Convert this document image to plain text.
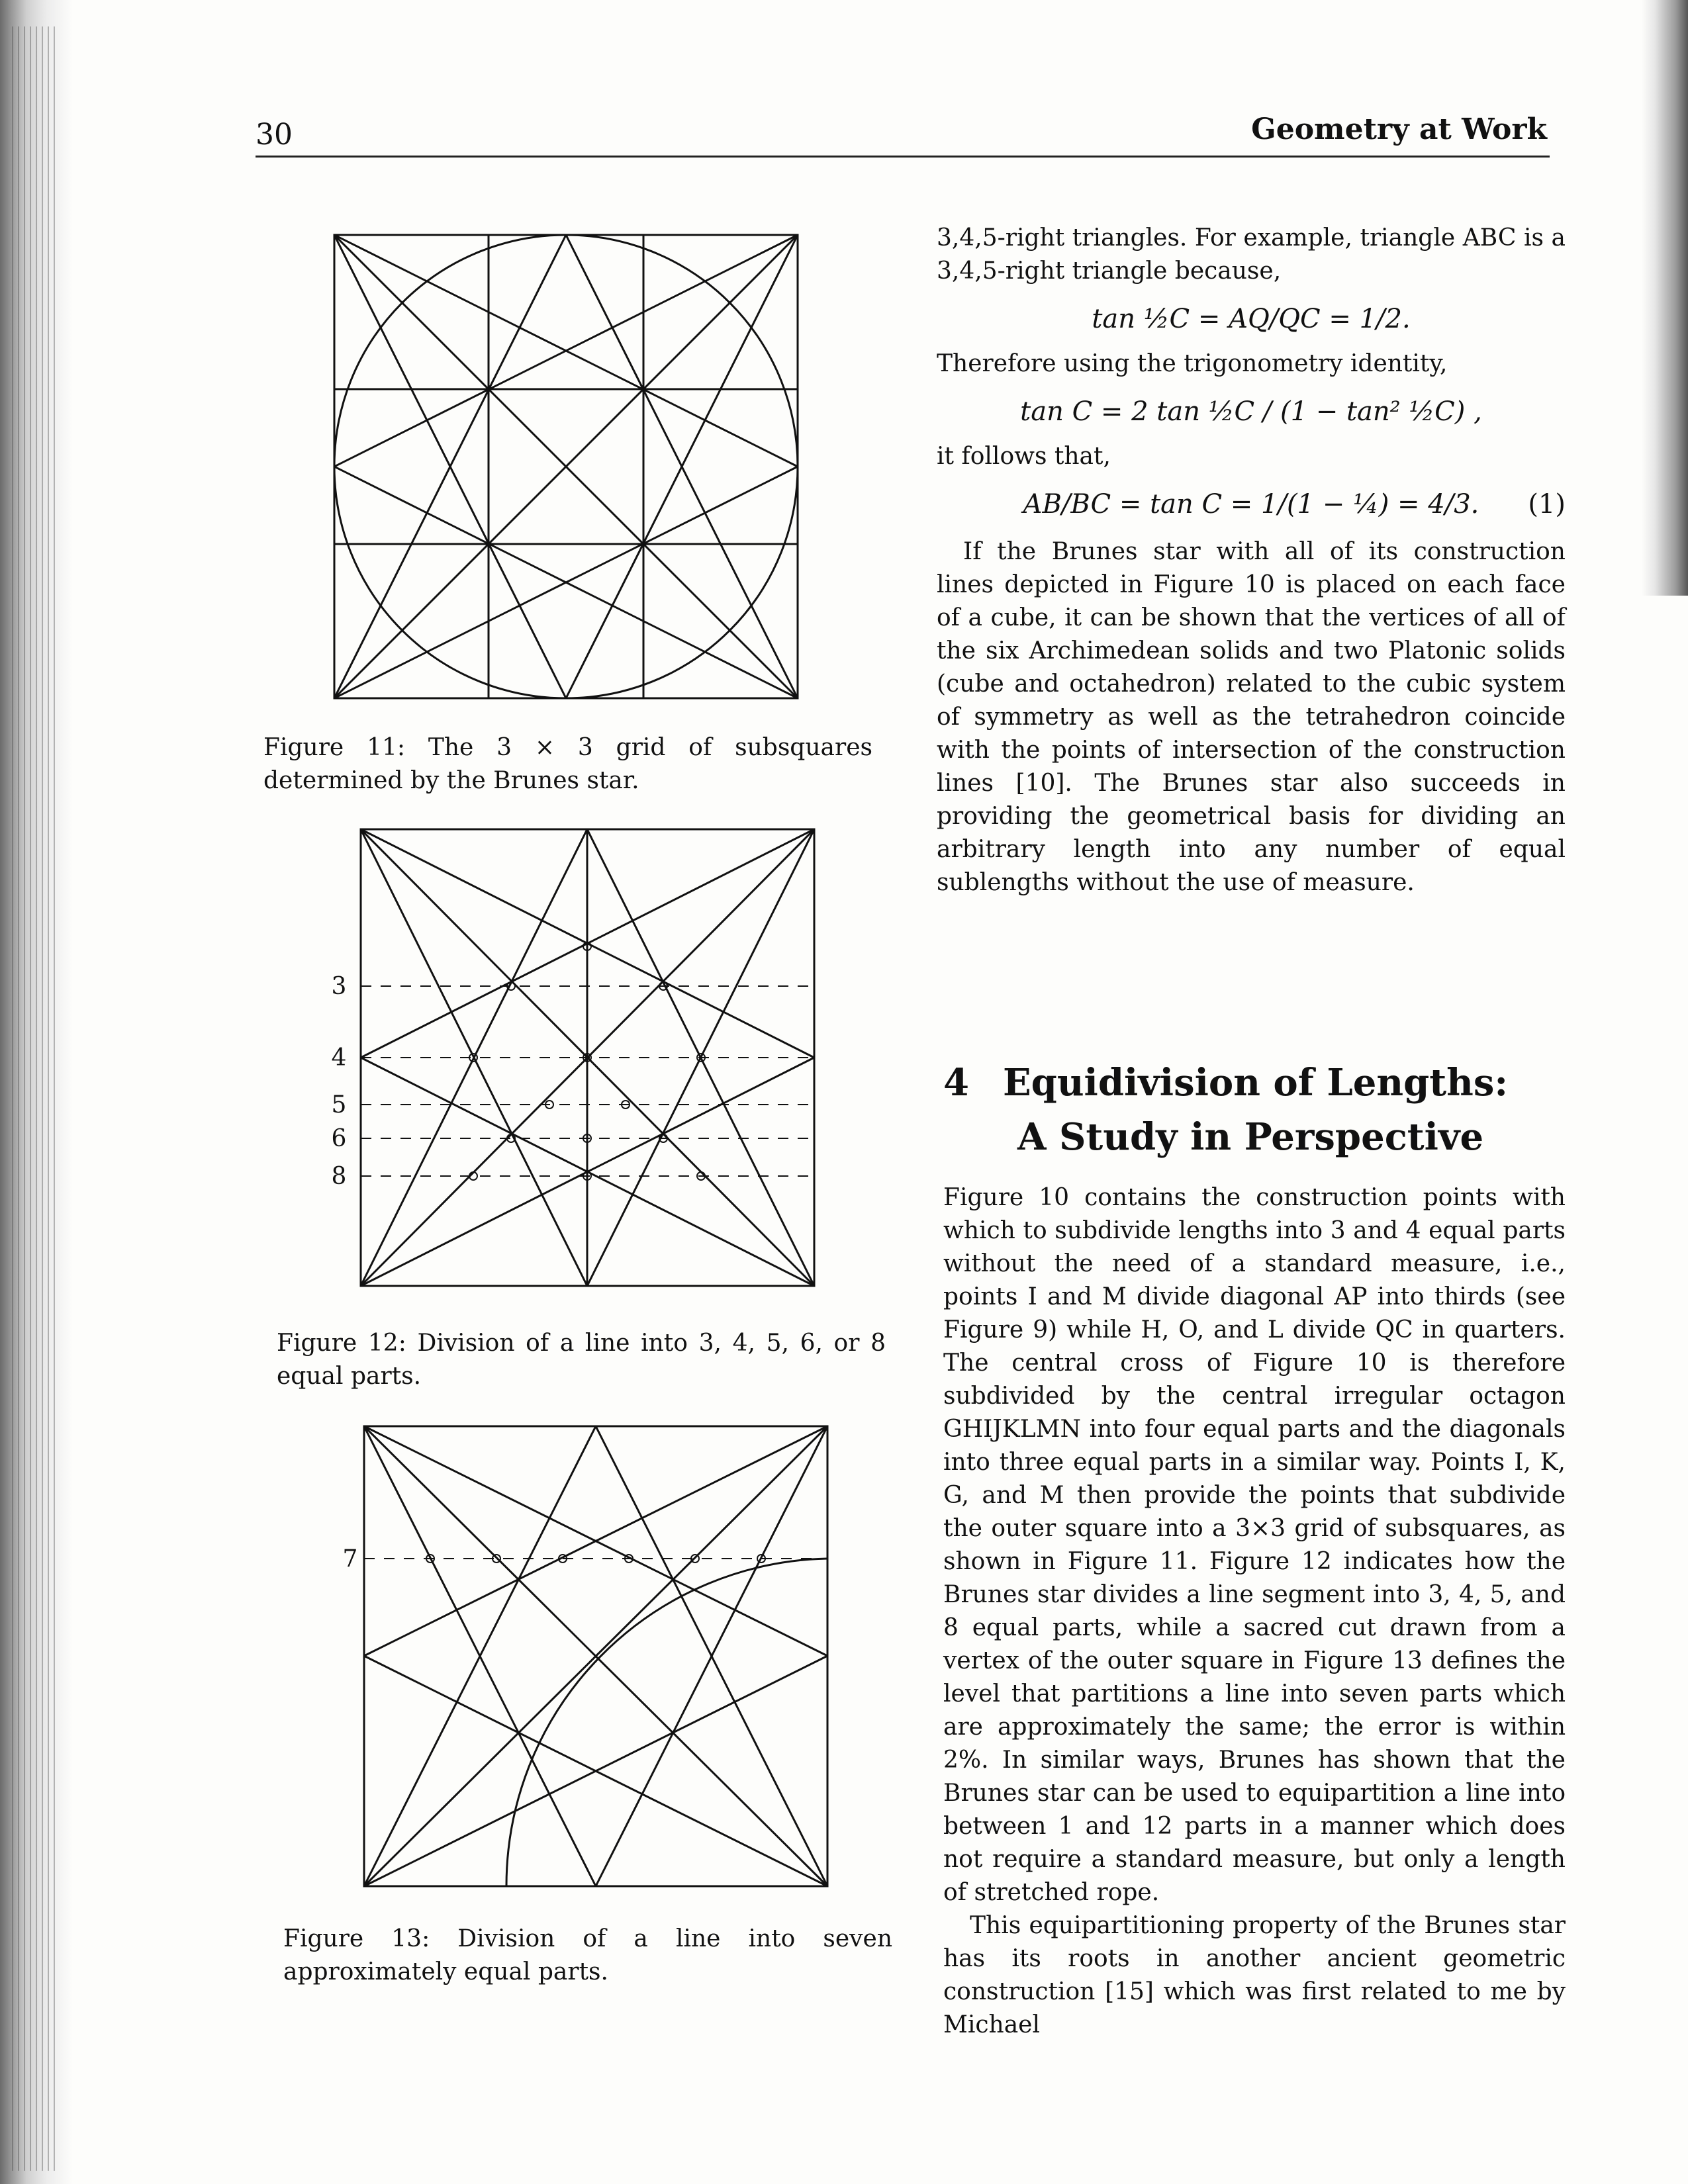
30	Geometry at Work
Figure 11: The 3 × 3 grid of subsquares determined by the Brunes star.
3
4
5
6
8
Figure 12: Division of a line into 3, 4, 5, 6, or 8 equal parts.
7
Figure 13: Division of a line into seven approximately equal parts.

3,4,5-right triangles. For example, triangle ABC is a 3,4,5-right triangle because,

tan ½C = AQ/QC = 1/2.

Therefore using the trigonometry identity,

tan C = 2 tan ½C / (1 − tan² ½C) ,

it follows that,

AB/BC = tan C = 1/(1 − ¼) = 4/3. (1)

If the Brunes star with all of its construction lines depicted in Figure 10 is placed on each face of a cube, it can be shown that the vertices of all of the six Archimedean solids and two Platonic solids (cube and octahedron) related to the cubic system of symmetry as well as the tetrahedron coincide with the points of intersection of the construction lines [10]. The Brunes star also succeeds in providing the geometrical basis for dividing an arbitrary length into any number of equal sublengths without the use of measure.

4 Equidivision of Lengths:
A Study in Perspective

Figure 10 contains the construction points with which to subdivide lengths into 3 and 4 equal parts without the need of a standard measure, i.e., points I and M divide diagonal AP into thirds (see Figure 9) while H, O, and L divide QC in quarters. The central cross of Figure 10 is therefore subdivided by the central irregular octagon GHIJKLMN into four equal parts and the diagonals into three equal parts in a similar way. Points I, K, G, and M then provide the points that subdivide the outer square into a 3×3 grid of subsquares, as shown in Figure 11. Figure 12 indicates how the Brunes star divides a line segment into 3, 4, 5, and 8 equal parts, while a sacred cut drawn from a vertex of the outer square in Figure 13 defines the level that partitions a line into seven parts which are approximately the same; the error is within 2%. In similar ways, Brunes has shown that the Brunes star can be used to equipartition a line into between 1 and 12 parts in a manner which does not require a standard measure, but only a length of stretched rope.

This equipartitioning property of the Brunes star has its roots in another ancient geometric construction [15] which was first related to me by Michael
